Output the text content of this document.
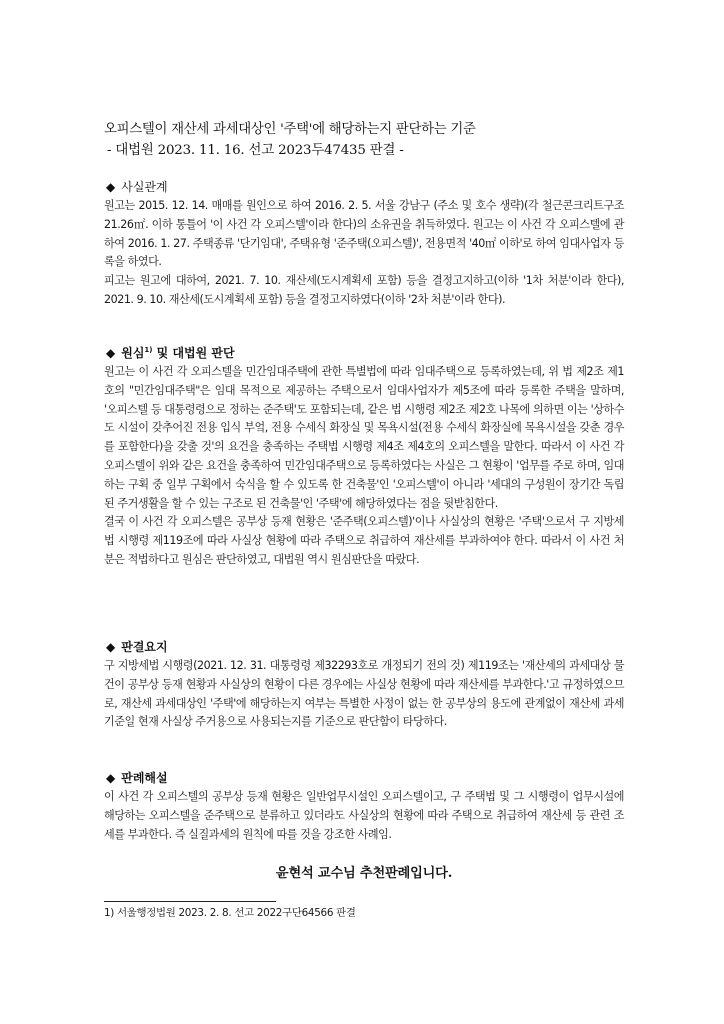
오피스텔이 재산세 과세대상인 '주택'에 해당하는지 판단하는 기준

- 대법원 2023. 11. 16. 선고 2023두47435 판결 -

◆ 사실관계

원고는 2015. 12. 14. 매매를 원인으로 하여 2016. 2. 5. 서울 강남구 (주소 및 호수 생략)(각 철근콘크리트구조 21.26㎡. 이하 통틀어 '이 사건 각 오피스텔'이라 한다)의 소유권을 취득하였다. 원고는 이 사건 각 오피스텔에 관하여 2016. 1. 27. 주택종류 '단기임대', 주택유형 '준주택(오피스텔)', 전용면적 '40㎡ 이하'로 하여 임대사업자 등록을 하였다.

피고는 원고에 대하여, 2021. 7. 10. 재산세(도시계획세 포함) 등을 결정고지하고(이하 '1차 처분'이라 한다), 2021. 9. 10. 재산세(도시계획세 포함) 등을 결정고지하였다(이하 '2차 처분'이라 한다).

◆ 원심$^{1)}$ 및 대법원 판단

원고는 이 사건 각 오피스텔을 민간임대주택에 관한 특별법에 따라 임대주택으로 등록하였는데, 위 법 제2조 제1호의 "민간임대주택"은 임대 목적으로 제공하는 주택으로서 임대사업자가 제5조에 따라 등록한 주택을 말하며, '오피스텔 등 대통령령으로 정하는 준주택'도 포함되는데, 같은 법 시행령 제2조 제2호 나목에 의하면 이는 '상하수도 시설이 갖추어진 전용 입식 부엌, 전용 수세식 화장실 및 목욕시설(전용 수세식 화장실에 목욕시설을 갖춘 경우를 포함한다)을 갖출 것'의 요건을 충족하는 주택법 시행령 제4조 제4호의 오피스텔을 말한다. 따라서 이 사건 각 오피스텔이 위와 같은 요건을 충족하여 민간임대주택으로 등록하였다는 사실은 그 현황이 '업무를 주로 하며, 임대하는 구획 중 일부 구획에서 숙식을 할 수 있도록 한 건축물'인 '오피스텔'이 아니라 '세대의 구성원이 장기간 독립된 주거생활을 할 수 있는 구조로 된 건축물'인 '주택'에 해당하였다는 점을 뒷받침한다.

결국 이 사건 각 오피스텔은 공부상 등재 현황은 '준주택(오피스텔)'이나 사실상의 현황은 '주택'으로서 구 지방세법 시행령 제119조에 따라 사실상 현황에 따라 주택으로 취급하여 재산세를 부과하여야 한다. 따라서 이 사건 처분은 적법하다고 원심은 판단하였고, 대법원 역시 원심판단을 따랐다.

◆ 판결요지

구 지방세법 시행령(2021. 12. 31. 대통령령 제32293호로 개정되기 전의 것) 제119조는 '재산세의 과세대상 물건이 공부상 등재 현황과 사실상의 현황이 다른 경우에는 사실상 현황에 따라 재산세를 부과한다.'고 규정하였으므로, 재산세 과세대상인 '주택'에 해당하는지 여부는 특별한 사정이 없는 한 공부상의 용도에 관계없이 재산세 과세기준일 현재 사실상 주거용으로 사용되는지를 기준으로 판단함이 타당하다.

◆ 판례해설

이 사건 각 오피스텔의 공부상 등재 현황은 일반업무시설인 오피스텔이고, 구 주택법 및 그 시행령이 업무시설에 해당하는 오피스텔을 준주택으로 분류하고 있더라도 사실상의 현황에 따라 주택으로 취급하여 재산세 등 관련 조세를 부과한다. 즉 실질과세의 원칙에 따를 것을 강조한 사례임.

윤현석 교수님 추천판례입니다.
1) 서울행정법원 2023. 2. 8. 선고 2022구단64566 판결
